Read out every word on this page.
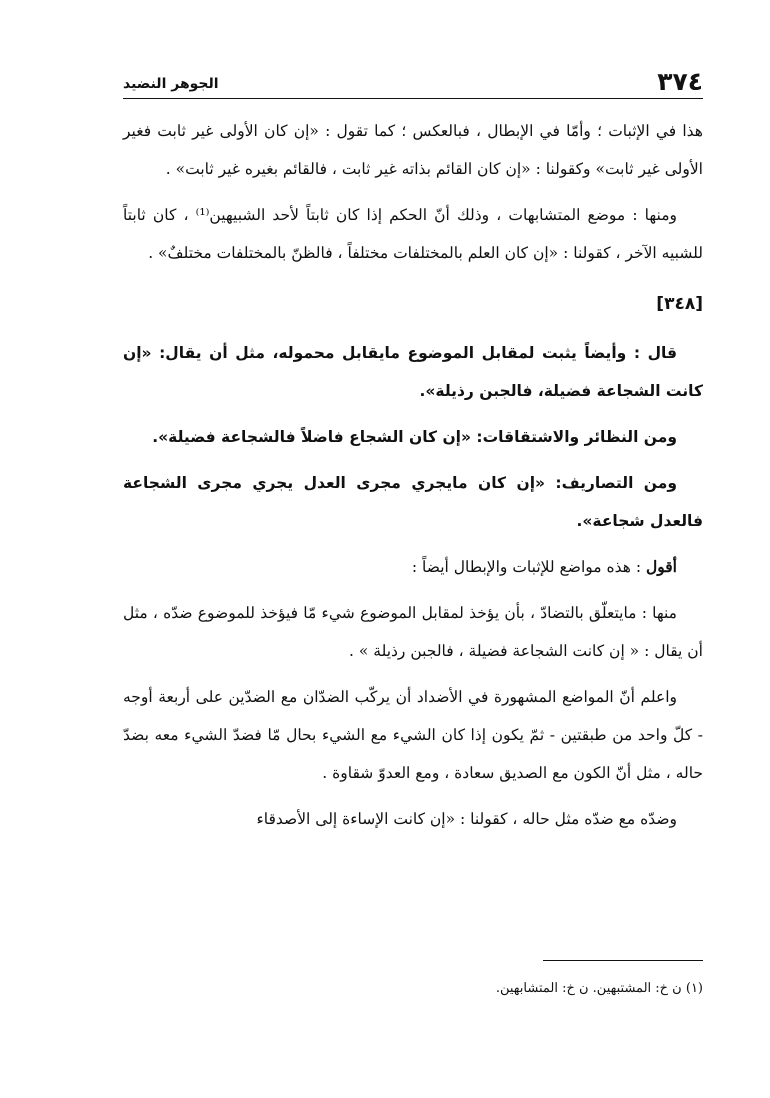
٣٧٤
الجوهر النضيد

هذا في الإثبات ؛ وأمّا في الإبطال ، فبالعكس ؛ كما تقول : «إن كان الأولى غير ثابت فغير الأولى غير ثابت» وكقولنا : «إن كان القائم بذاته غير ثابت ، فالقائم بغيره غير ثابت» .

ومنها : موضع المتشابهات ، وذلك أنّ الحكم إذا كان ثابتاً لأحد الشبيهين⁽¹⁾ ، كان ثابتاً للشبيه الآخر ، كقولنا : «إن كان العلم بالمختلفات مختلفاً ، فالظنّ بالمختلفات مختلفٌ» .

[٣٤٨]

قال : وأيضاً يثبت لمقابل الموضوع مايقابل محموله، مثل أن يقال: «إن كانت الشجاعة فضيلة، فالجبن رذيلة».

ومن النظائر والاشتقاقات: «إن كان الشجاع فاضلاً فالشجاعة فضيلة».

ومن التصاريف: «إن كان مايجري مجرى العدل يجري مجرى الشجاعة فالعدل شجاعة».

أقول : هذه مواضع للإثبات والإبطال أيضاً :

منها : مايتعلّق بالتضادّ ، بأن يؤخذ لمقابل الموضوع شيء مّا فيؤخذ للموضوع ضدّه ، مثل أن يقال : « إن كانت الشجاعة فضيلة ، فالجبن رذيلة » .

واعلم أنّ المواضع المشهورة في الأضداد أن يركّب الضدّان مع الضدّين على أربعة أوجه - كلّ واحد من طبقتين - ثمّ يكون إذا كان الشيء مع الشيء بحال مّا فضدّ الشيء معه بضدّ حاله ، مثل أنّ الكون مع الصديق سعادة ، ومع العدوّ شقاوة .

وضدّه مع ضدّه مثل حاله ، كقولنا : «إن كانت الإساءة إلى الأصدقاء

(١) ن خ: المشتبهين. ن خ: المتشابهين.
